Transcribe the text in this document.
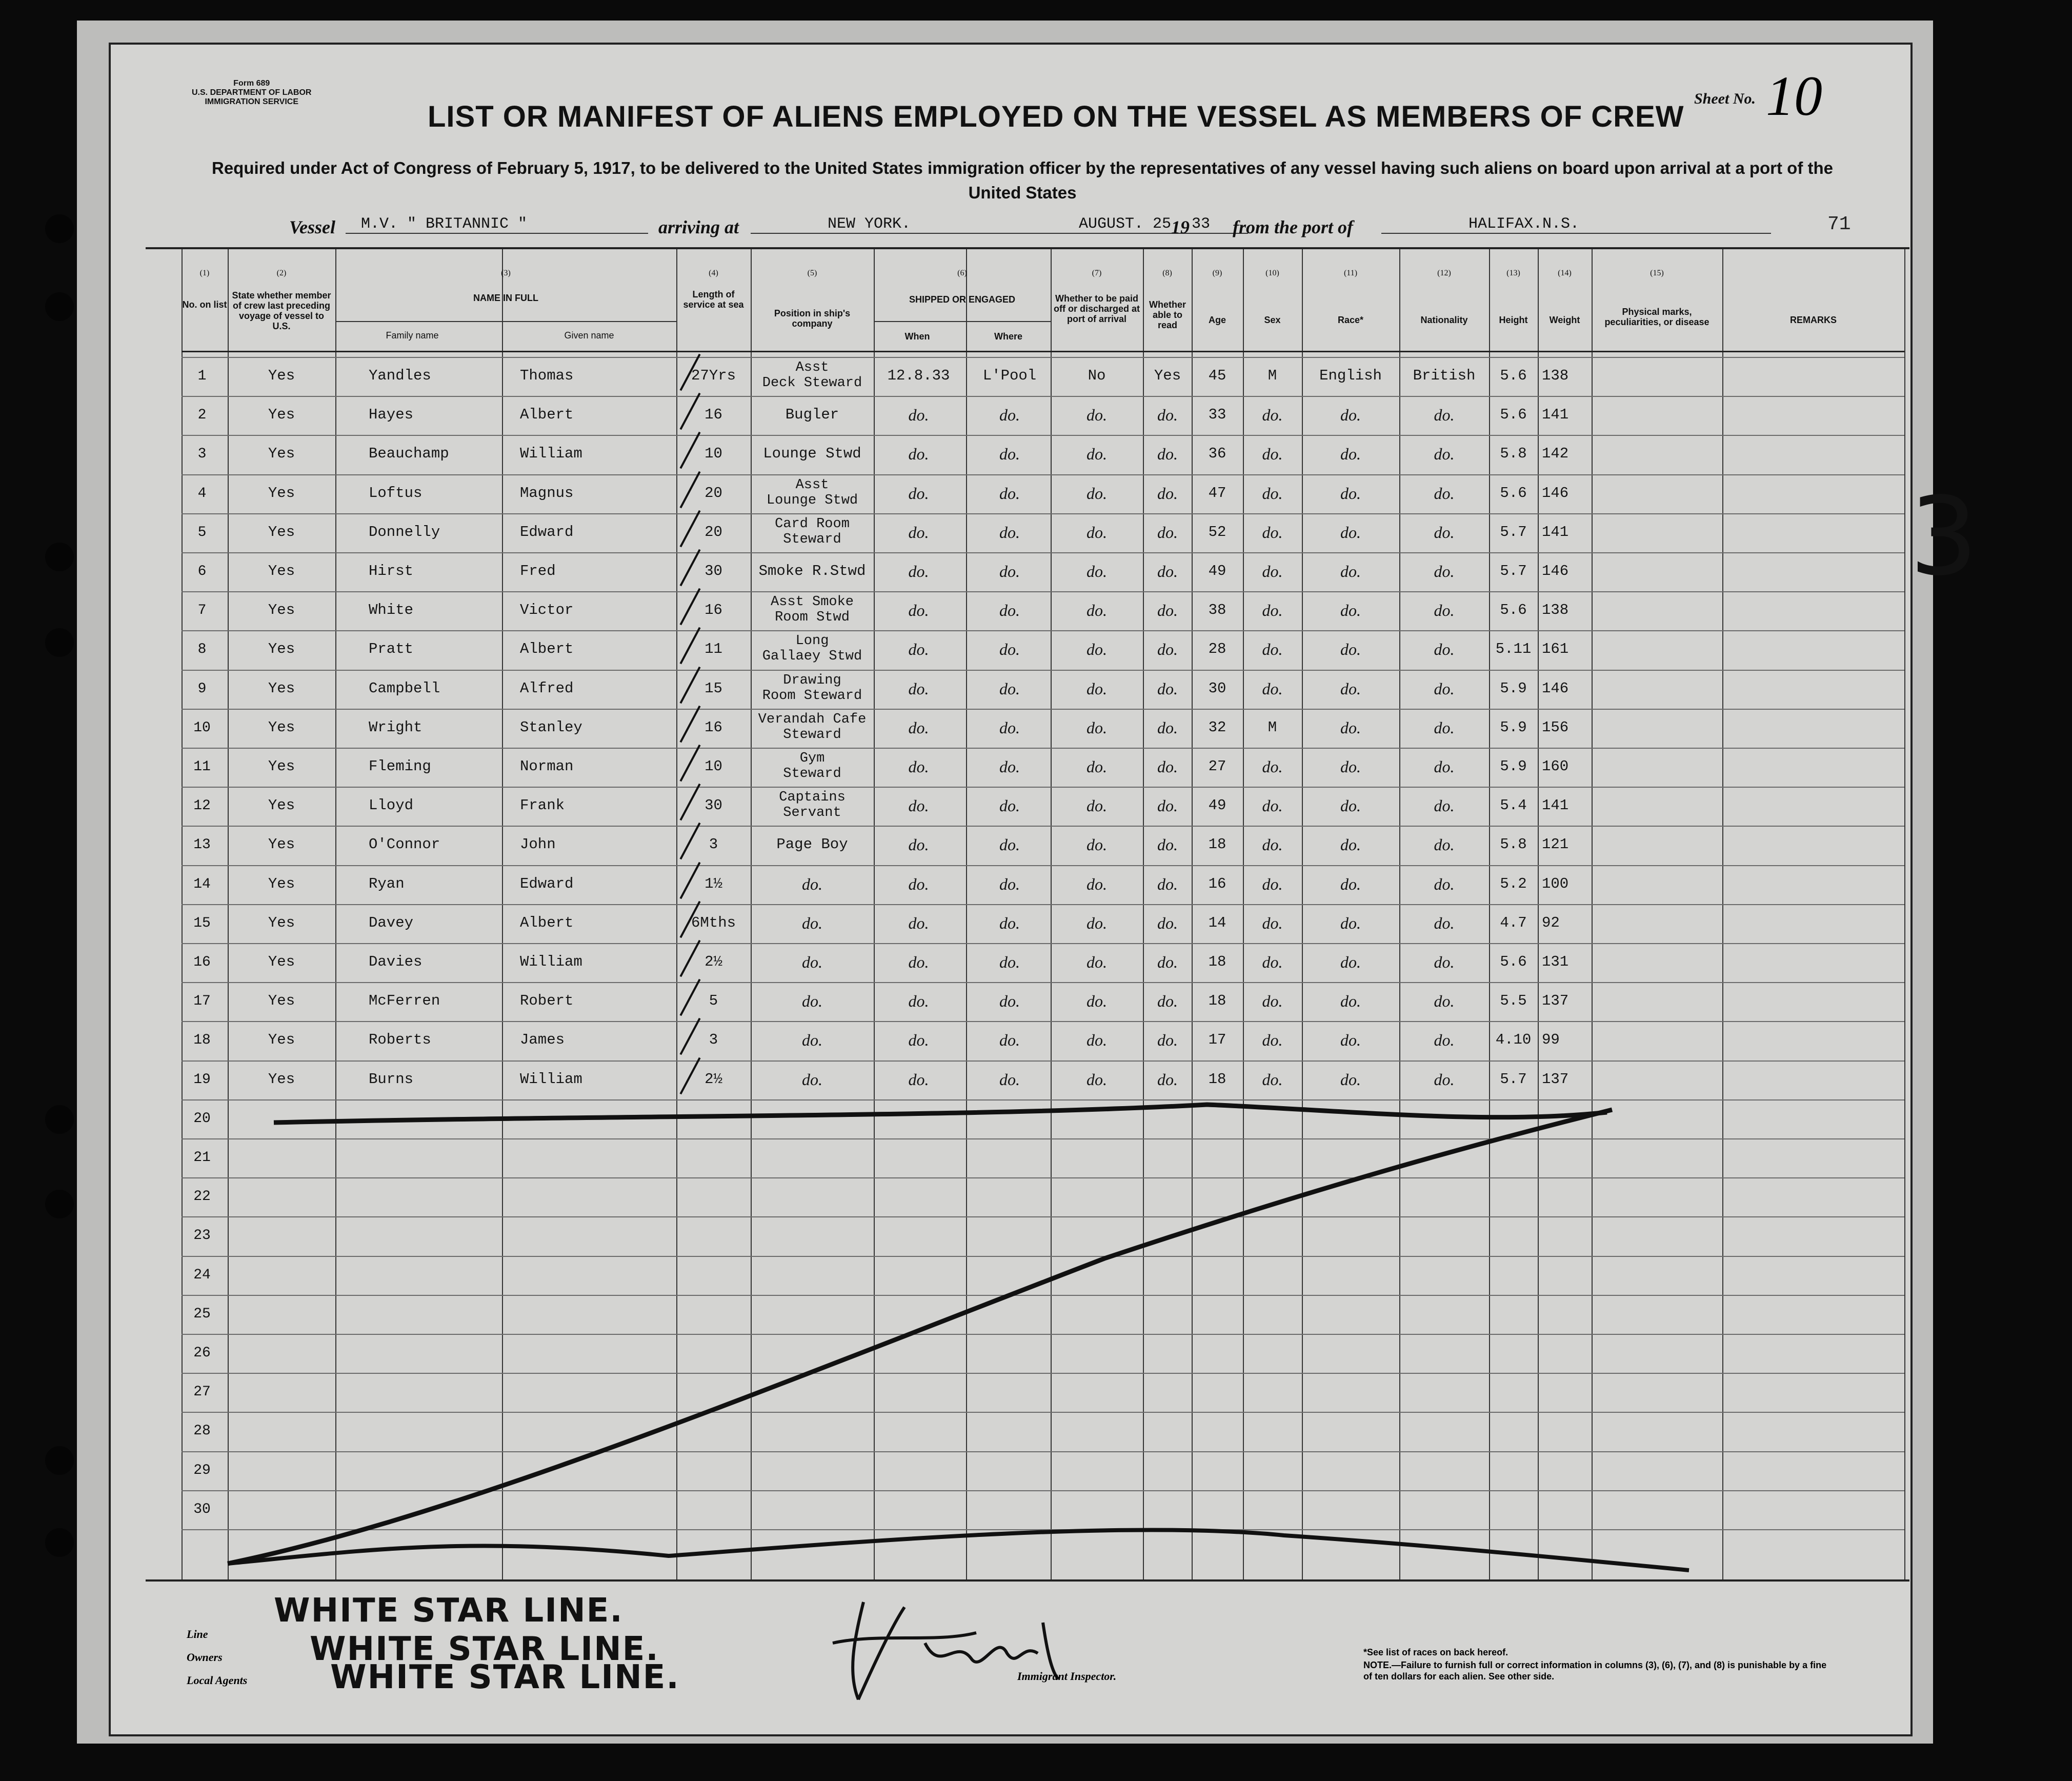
Form 689
U.S. DEPARTMENT OF LABOR
IMMIGRATION SERVICE	LIST OR MANIFEST OF ALIENS EMPLOYED ON THE VESSEL AS MEMBERS OF CREW
Sheet No. 10
Required under Act of Congress of February 5, 1917, to be delivered to the United States immigration officer by the representatives of any vessel having such aliens on board upon arrival at a port of the United States
Vessel	M.V. " BRITANNIC "	arriving at	NEW YORK.	AUGUST. 25 19 33	from the port of	HALIFAX.N.S.	71
(1)	(2)	(3)	(4)	(5)	(6)	(7)	(8)	(9)	(10)	(11)	(12)	(13)	(14)	(15)
No. on list
State whether member of crew last preceding voyage of vessel to U.S.
NAME IN FULL
Family name	Given name
Length of service at sea
Position in ship's company
SHIPPED OR ENGAGED
When	Where
Whether to be paid off or discharged at port of arrival
Whether able to read	Age	Sex	Race*	Nationality	Height	Weight
Physical marks, peculiarities, or disease	REMARKS
1	Yes	Yandles	Thomas	27Yrs	Asst
Deck Steward	12.8.33	L'Pool	No	Yes	45	M	English	British	5.6	138
2	Yes	Hayes	Albert	16	Bugler	do.	do.	do.	do.	33	do.	do.	do.	5.6	141
3	Yes	Beauchamp	William	10	Lounge Stwd	do.	do.	do.	do.	36	do.	do.	do.	5.8	142
4	Yes	Loftus	Magnus	20	Asst
Lounge Stwd	do.	do.	do.	do.	47	do.	do.	do.	5.6	146
5	Yes	Donnelly	Edward	20	Card Room
Steward	do.	do.	do.	do.	52	do.	do.	do.	5.7	141
6	Yes	Hirst	Fred	30	Smoke R.Stwd	do.	do.	do.	do.	49	do.	do.	do.	5.7	146
7	Yes	White	Victor	16	Asst Smoke
Room Stwd	do.	do.	do.	do.	38	do.	do.	do.	5.6	138
8	Yes	Pratt	Albert	11	Long
Gallaey Stwd	do.	do.	do.	do.	28	do.	do.	do.	5.11 161
9	Yes	Campbell	Alfred	15	Drawing
Room Steward	do.	do.	do.	do.	30	do.	do.	do.	5.9	146
10	Yes	Wright	Stanley	16	Verandah Cafe
Steward	do.	do.	do.	do.	32	M	do.	do.	5.9	156
11	Yes	Fleming	Norman	10	Gym
Steward	do.	do.	do.	do.	27	do.	do.	do.	5.9	160
12	Yes	Lloyd	Frank	30	Captains
Servant	do.	do.	do.	do.	49	do.	do.	do.	5.4	141
13	Yes	O'Connor	John	3	Page Boy	do.	do.	do.	do.	18	do.	do.	do.	5.8	121
14	Yes	Ryan	Edward	1½	do.	do.	do.	do.	do.	16	do.	do.	do.	5.2	100
15	Yes	Davey	Albert	6Mths	do.	do.	do.	do.	do.	14	do.	do.	do.	4.7	92
16	Yes	Davies	William	2½	do.	do.	do.	do.	do.	18	do.	do.	do.	5.6	131
17	Yes	McFerren	Robert	5	do.	do.	do.	do.	do.	18	do.	do.	do.	5.5	137
18	Yes	Roberts	James	3	do.	do.	do.	do.	do.	17	do.	do.	do.	4.10 99
19	Yes	Burns	William	2½	do.	do.	do.	do.	do.	18	do.	do.	do.	5.7	137
20
21
22
23
24
25
26
27
28
29
30
3
Line
Owners
Local Agents
WHITE STAR LINE.
WHITE STAR LINE.
WHITE STAR LINE.	Immigrant Inspector.
*See list of races on back hereof.
NOTE.—Failure to furnish full or correct information in columns (3), (6), (7), and (8) is punishable by a fine of ten dollars for each alien. See other side.
